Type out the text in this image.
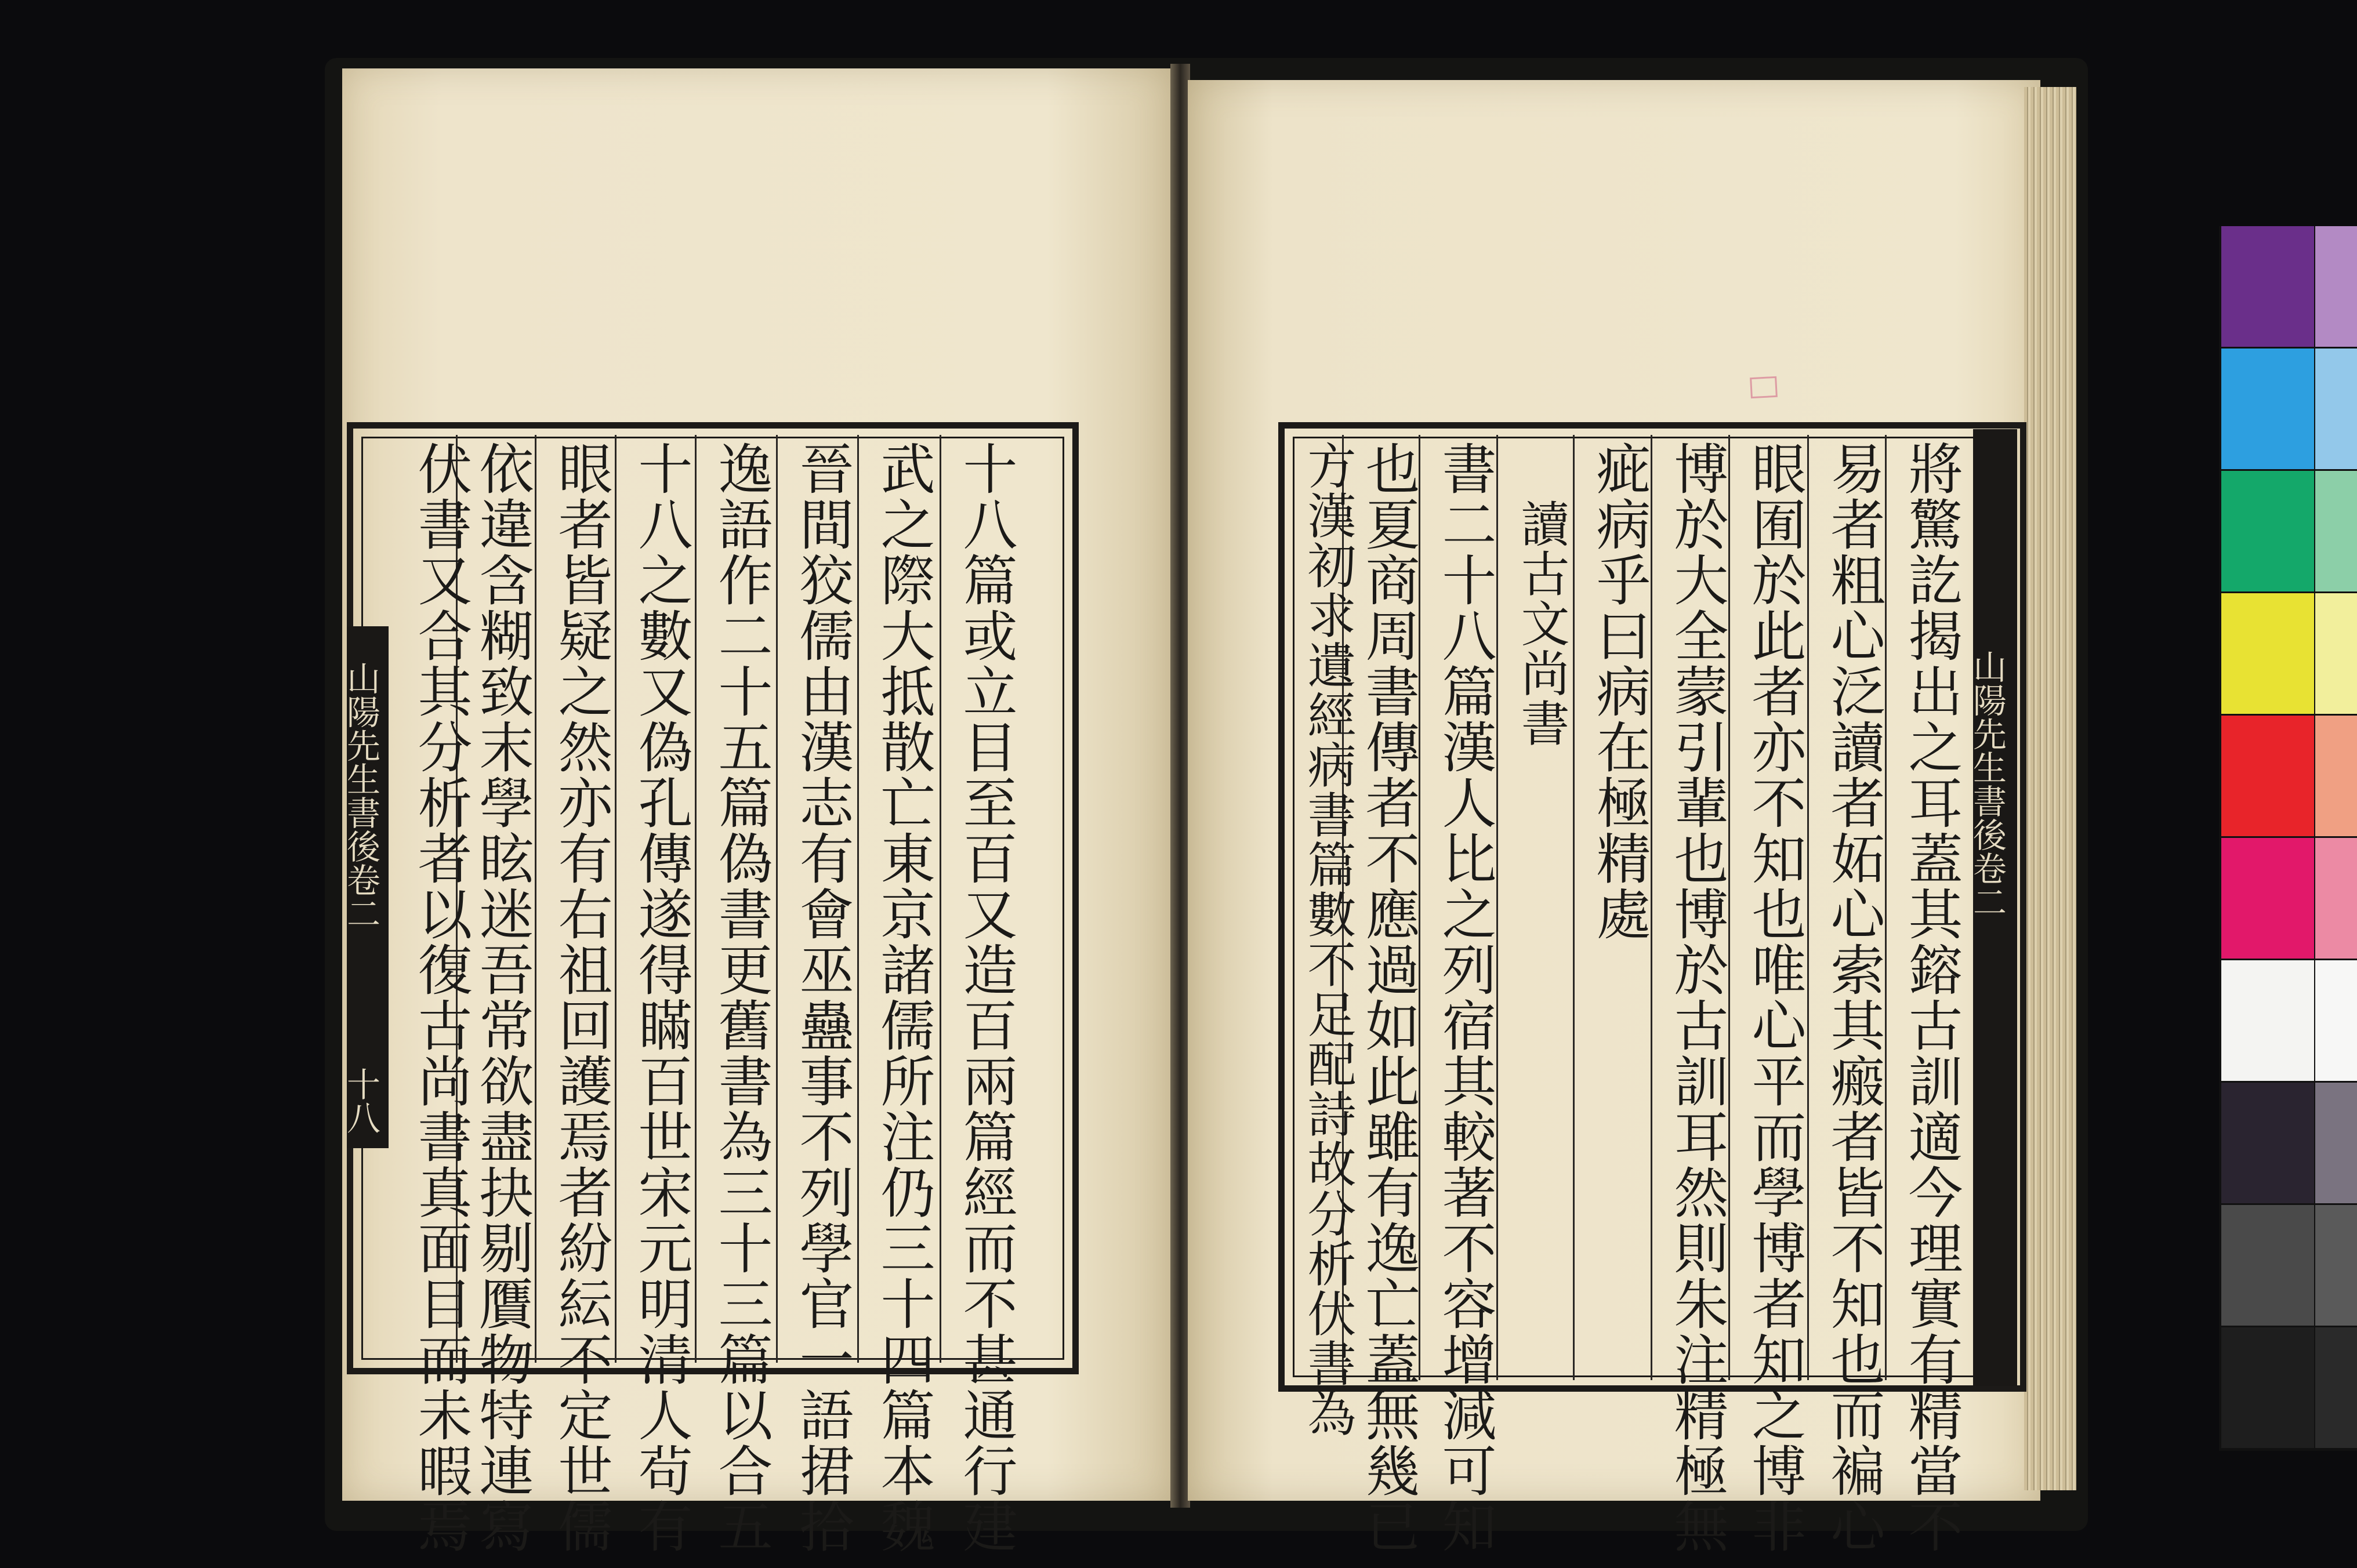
十八篇或立目至百又造百兩篇經而不甚通行建
武之際大抵散亡東京諸儒所注仍三十四篇本魏
晉間狡儒由漢志有會巫蠱事不列學官一語捃拾
逸語作二十五篇偽書更舊書為三十三篇以合五
十八之數又偽孔傳遂得瞞百世宋元明清人茍有
眼者皆疑之然亦有右祖回護焉者紛紜不定世儒
依違含糊致末學眩迷吾常欲盡抉剔贋物特連寫
山陽先生書後卷二
十八 伏書又合其分析者以復古尚書真面目而未暇焉	山陽先生書後卷二
將驚訖揭出之耳蓋其鎔古訓適今理實有精當不
易者粗心泛讀者妬心索其瘢者皆不知也而褊心
眼囿於此者亦不知也唯心平而學博者知之博非
博於大全蒙引輩也博於古訓耳然則朱注精極無
疵病乎曰病在極精處
讀古文尚書
書二十八篇漢人比之列宿其較著不容增減可知
也夏商周書傳者不應過如此雖有逸亡蓋無幾已
方漢初求遺經病書篇數不足配詩故分析伏書為
